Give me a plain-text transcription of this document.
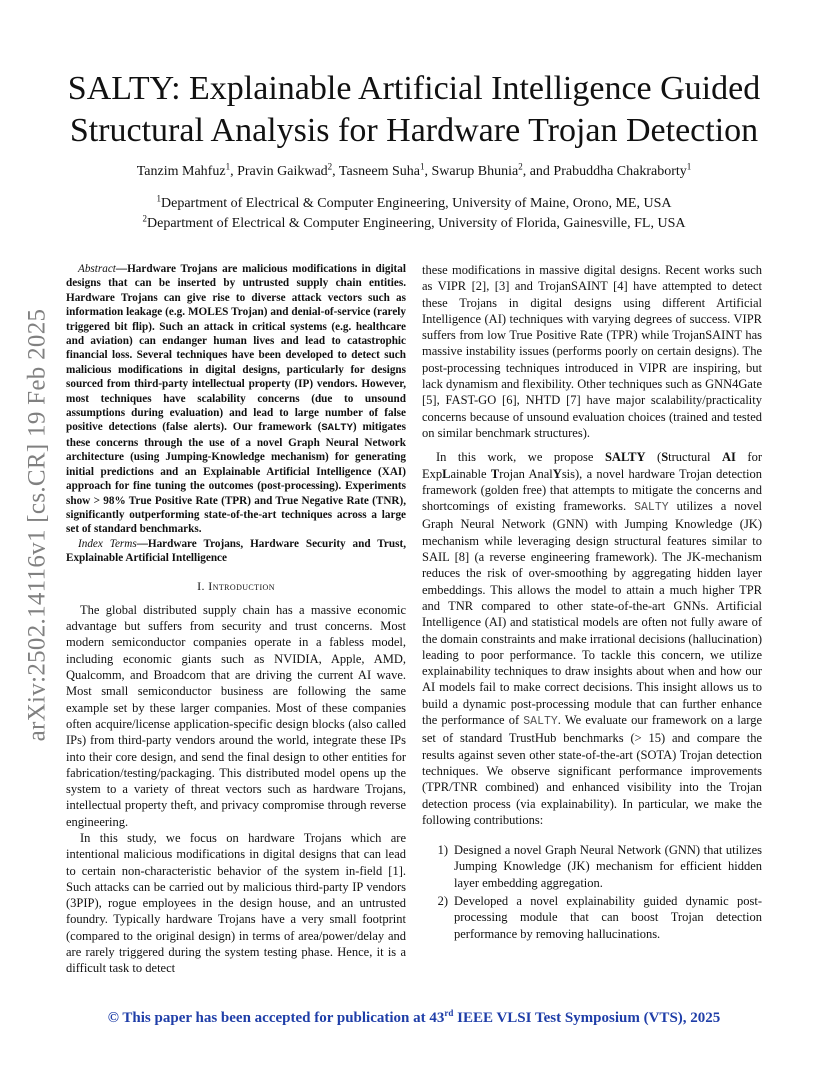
arXiv:2502.14116v1 [cs.CR] 19 Feb 2025
SALTY: Explainable Artificial Intelligence Guided
Structural Analysis for Hardware Trojan Detection
Tanzim Mahfuz$^1$, Pravin Gaikwad$^2$, Tasneem Suha$^1$, Swarup Bhunia$^2$, and Prabuddha Chakraborty$^1$
$^1$Department of Electrical & Computer Engineering, University of Maine, Orono, ME, USA
$^2$Department of Electrical & Computer Engineering, University of Florida, Gainesville, FL, USA

Abstract—Hardware Trojans are malicious modifications in digital designs that can be inserted by untrusted supply chain entities. Hardware Trojans can give rise to diverse attack vectors such as information leakage (e.g. MOLES Trojan) and denial-of-service (rarely triggered bit flip). Such an attack in critical systems (e.g. healthcare and aviation) can endanger human lives and lead to catastrophic financial loss. Several techniques have been developed to detect such malicious modifications in digital designs, particularly for designs sourced from third-party intellectual property (IP) vendors. However, most techniques have scalability concerns (due to unsound assumptions during evaluation) and lead to large number of false positive detections (false alerts). Our framework (SALTY) mitigates these concerns through the use of a novel Graph Neural Network architecture (using Jumping-Knowledge mechanism) for generating initial predictions and an Explainable Artificial Intelligence (XAI) approach for fine tuning the outcomes (post-processing). Experiments show > 98% True Positive Rate (TPR) and True Negative Rate (TNR), significantly outperforming state-of-the-art techniques across a large set of standard benchmarks.

Index Terms—Hardware Trojans, Hardware Security and Trust, Explainable Artificial Intelligence

I. Introduction

The global distributed supply chain has a massive economic advantage but suffers from security and trust concerns. Most modern semiconductor companies operate in a fabless model, including economic giants such as NVIDIA, Apple, AMD, Qualcomm, and Broadcom that are driving the current AI wave. Most small semiconductor business are following the same example set by these larger companies. Most of these companies often acquire/license application-specific design blocks (also called IPs) from third-party vendors around the world, integrate these IPs into their core design, and send the final design to other entities for fabrication/testing/packaging. This distributed model opens up the system to a variety of threat vectors such as hardware Trojans, intellectual property theft, and privacy compromise through reverse engineering.

In this study, we focus on hardware Trojans which are intentional malicious modifications in digital designs that can lead to certain non-characteristic behavior of the system in-field [1]. Such attacks can be carried out by malicious third-party IP vendors (3PIP), rogue employees in the design house, and an untrusted foundry. Typically hardware Trojans have a very small footprint (compared to the original design) in terms of area/power/delay and are rarely triggered during the system testing phase. Hence, it is a difficult task to detect

these modifications in massive digital designs. Recent works such as VIPR [2], [3] and TrojanSAINT [4] have attempted to detect these Trojans in digital designs using different Artificial Intelligence (AI) techniques with varying degrees of success. VIPR suffers from low True Positive Rate (TPR) while TrojanSAINT has massive instability issues (performs poorly on certain designs). The post-processing techniques introduced in VIPR are inspiring, but lack dynamism and flexibility. Other techniques such as GNN4Gate [5], FAST-GO [6], NHTD [7] have major scalability/practicality concerns because of unsound evaluation choices (trained and tested on similar benchmark structures).

In this work, we propose SALTY (Structural AI for ExpLainable Trojan AnalYsis), a novel hardware Trojan detection framework (golden free) that attempts to mitigate the concerns and shortcomings of existing frameworks. SALTY utilizes a novel Graph Neural Network (GNN) with Jumping Knowledge (JK) mechanism while leveraging design structural features similar to SAIL [8] (a reverse engineering framework). The JK-mechanism reduces the risk of over-smoothing by aggregating hidden layer embeddings. This allows the model to attain a much higher TPR and TNR compared to other state-of-the-art GNNs. Artificial Intelligence (AI) and statistical models are often not fully aware of the domain constraints and make irrational decisions (hallucination) leading to poor performance. To tackle this concern, we utilize explainability techniques to draw insights about when and how our AI models fail to make correct decisions. This insight allows us to build a dynamic post-processing module that can further enhance the performance of SALTY. We evaluate our framework on a large set of standard TrustHub benchmarks (> 15) and compare the results against seven other state-of-the-art (SOTA) Trojan detection techniques. We observe significant performance improvements (TPR/TNR combined) and enhanced visibility into the Trojan detection process (via explainability). In particular, we make the following contributions:

1) Designed a novel Graph Neural Network (GNN) that utilizes Jumping Knowledge (JK) mechanism for efficient hidden layer embedding aggregation.
2) Developed a novel explainability guided dynamic post-processing module that can boost Trojan detection performance by removing hallucinations.
© This paper has been accepted for publication at 43rd IEEE VLSI Test Symposium (VTS), 2025
